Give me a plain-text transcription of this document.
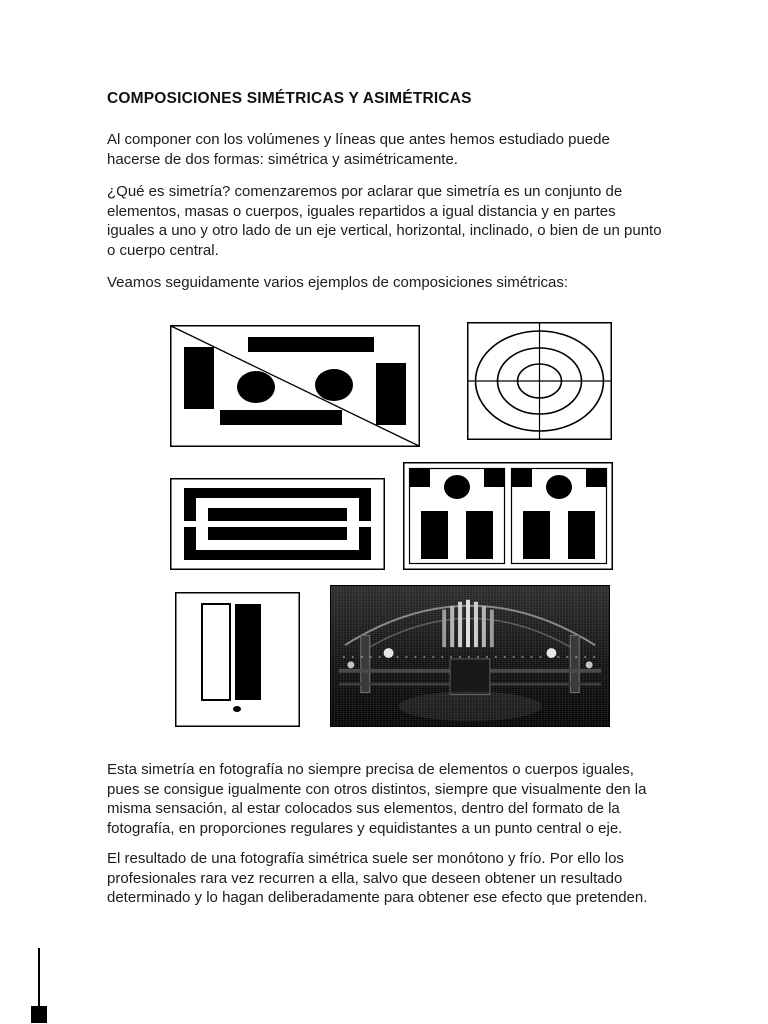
COMPOSICIONES SIMÉTRICAS Y ASIMÉTRICAS

Al componer con los volúmenes y líneas que antes hemos estudiado puede hacerse de dos formas: simétrica y asimétricamente.

¿Qué es simetría? comenzaremos por aclarar que simetría es un conjunto de elementos, masas o cuerpos, iguales repartidos a igual distancia y en partes iguales a uno y otro lado de un eje vertical, horizontal, inclinado, o bien de un punto o cuerpo central.

Veamos seguidamente varios ejemplos de composiciones simétricas:

Esta simetría en fotografía no siempre precisa de elementos o cuerpos iguales, pues se consigue igualmente con otros distintos, siempre que visualmente den la misma sensación, al estar colocados sus elementos, dentro del formato de la fotografía, en proporciones regulares y equidistantes a un punto central o eje.

El resultado de una fotografía simétrica suele ser monótono y frío. Por ello los profesionales rara vez recurren a ella, salvo que deseen obtener un resultado determinado y lo hagan deliberadamente para obtener ese efecto que pretenden.
